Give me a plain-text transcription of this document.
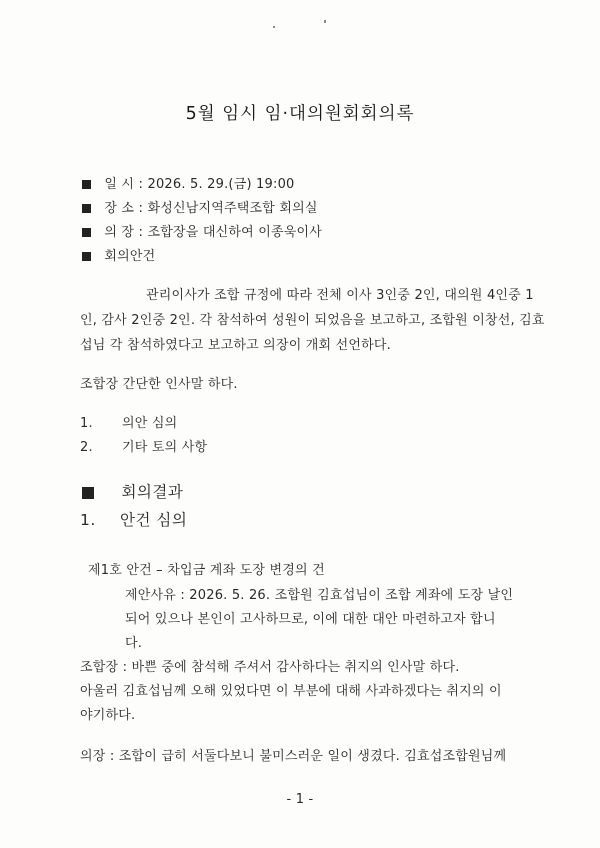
5월 임시 임·대의원회회의록
일 시 : 2026. 5. 29.(금) 19:00
장 소 : 화성신남지역주택조합 회의실
의 장 : 조합장을 대신하여 이종욱이사
회의안건
관리이사가 조합 규정에 따라 전체 이사 3인중 2인, 대의원 4인중 1
인, 감사 2인중 2인. 각 참석하여 성원이 되었음을 보고하고, 조합원 이창선, 김효
섭님 각 참석하였다고 보고하고 의장이 개회 선언하다.
조합장 간단한 인사말 하다.
1. 의안 심의
2. 기타 토의 사항
회의결과
1. 안건 심의
제1호 안건 – 차입금 계좌 도장 변경의 건
제안사유 : 2026. 5. 26. 조합원 김효섭님이 조합 계좌에 도장 날인
되어 있으나 본인이 고사하므로, 이에 대한 대안 마련하고자 합니
다.
조합장 : 바쁜 중에 참석해 주셔서 감사하다는 취지의 인사말 하다.
아울러 김효섭님께 오해 있었다면 이 부분에 대해 사과하겠다는 취지의 이
야기하다.
의장 : 조합이 급히 서둘다보니 불미스러운 일이 생겼다. 김효섭조합원님께
- 1 -
